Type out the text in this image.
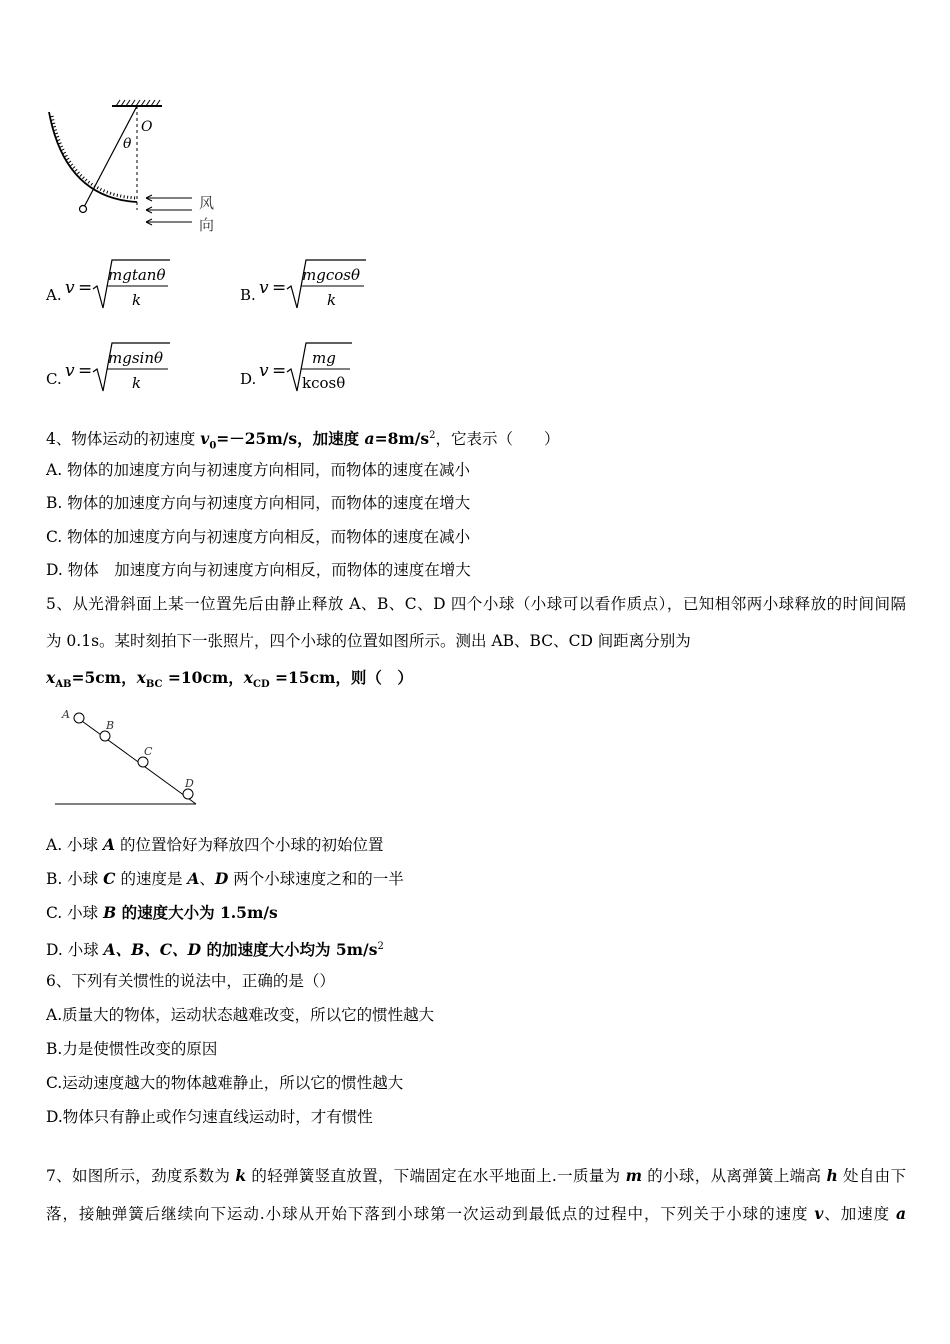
O
θ
风
向
A. v =
mgtanθ
k	B. v =
mgcosθ
k
C. v =
mgsinθ
k	D. v =
mg
kcosθ
4、物体运动的初速度 $v_0=-25m/s$，加速度 $a=8m/s^2$，它表示（　　）
A. 物体的加速度方向与初速度方向相同，而物体的速度在减小
B. 物体的加速度方向与初速度方向相同，而物体的速度在增大
C. 物体的加速度方向与初速度方向相反，而物体的速度在减小
D. 物体　加速度方向与初速度方向相反，而物体的速度在增大
5、从光滑斜面上某一位置先后由静止释放 A、B、C、D 四个小球（小球可以看作质点），已知相邻两小球释放的时间间隔
为 0.1s。某时刻拍下一张照片，四个小球的位置如图所示。测出 AB、BC、CD 间距离分别为
$x_{AB}=5cm$，$x_{BC} =10cm$，$x_{CD} =15cm$，则（　）
A
B
C
D
A. 小球 A 的位置恰好为释放四个小球的初始位置
B. 小球 C 的速度是 A、D 两个小球速度之和的一半
C. 小球 B 的速度大小为 1.5m/s
D. 小球 A、B、C、D 的加速度大小均为 $5m/s^2$
6、下列有关惯性的说法中，正确的是（）
A.质量大的物体，运动状态越难改变，所以它的惯性越大
B.力是使惯性改变的原因
C.运动速度越大的物体越难静止，所以它的惯性越大
D.物体只有静止或作匀速直线运动时，才有惯性
7、如图所示，劲度系数为 k 的轻弹簧竖直放置，下端固定在水平地面上.一质量为 m 的小球，从离弹簧上端高 h 处自由下
落，接触弹簧后继续向下运动.小球从开始下落到小球第一次运动到最低点的过程中，下列关于小球的速度 v、加速度 a
